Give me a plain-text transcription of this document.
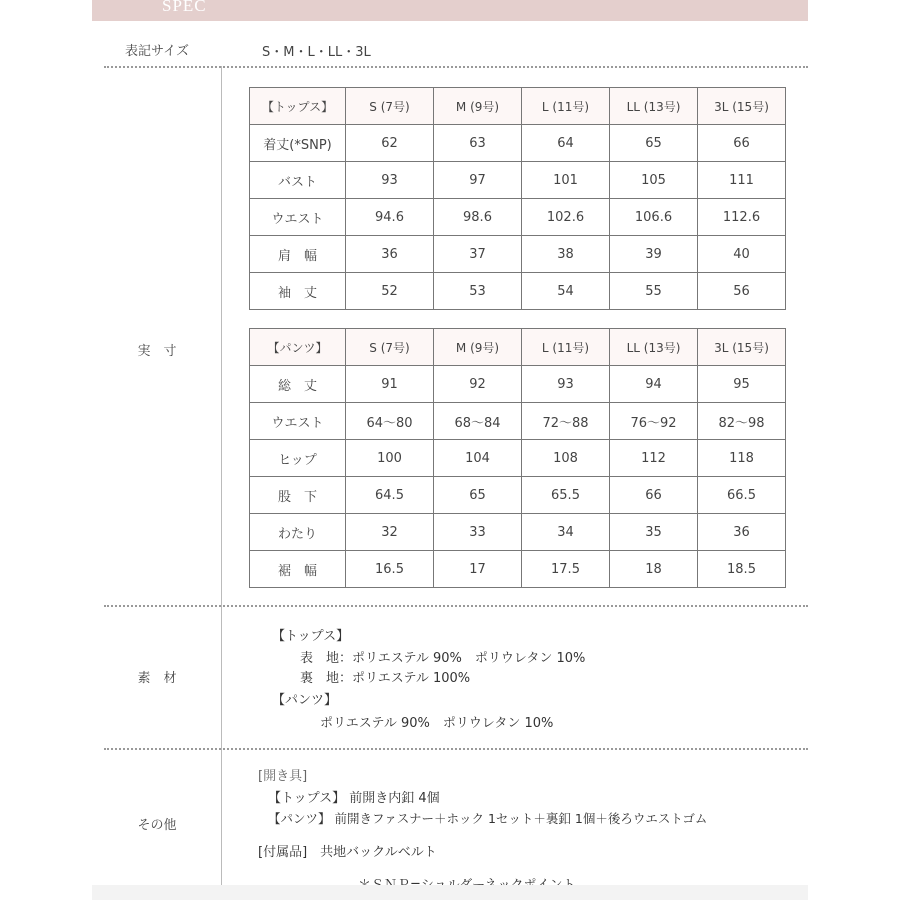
SPEC
表記サイズ
実　寸
素　材
その他
S・M・L・LL・3L
【トップス】	S (7号)	M (9号)	L (11号)	LL (13号)	3L (15号)
着丈(*SNP)	62	63	64	65	66
バスト	93	97	101	105	111
ウエスト	94.6	98.6	102.6	106.6	112.6
肩　幅	36	37	38	39	40
袖　丈	52	53	54	55	56
【パンツ】	S (7号)	M (9号)	L (11号)	LL (13号)	3L (15号)
総　丈	91	92	93	94	95
ウエスト	64～80	68～84	72～88	76～92	82～98
ヒップ	100	104	108	112	118
股　下	64.5	65	65.5	66	66.5
わたり	32	33	34	35	36
裾　幅	16.5	17	17.5	18	18.5
【トップス】
表　地：ポリエステル 90%　ポリウレタン 10%
裏　地：ポリエステル 100%
【パンツ】
ポリエステル 90%　ポリウレタン 10%
[開き具]
【トップス】 前開き内釦 4個
【パンツ】 前開きファスナー＋ホック 1セット＋裏釦 1個＋後ろウエストゴム
[付属品]　共地バックルベルト
